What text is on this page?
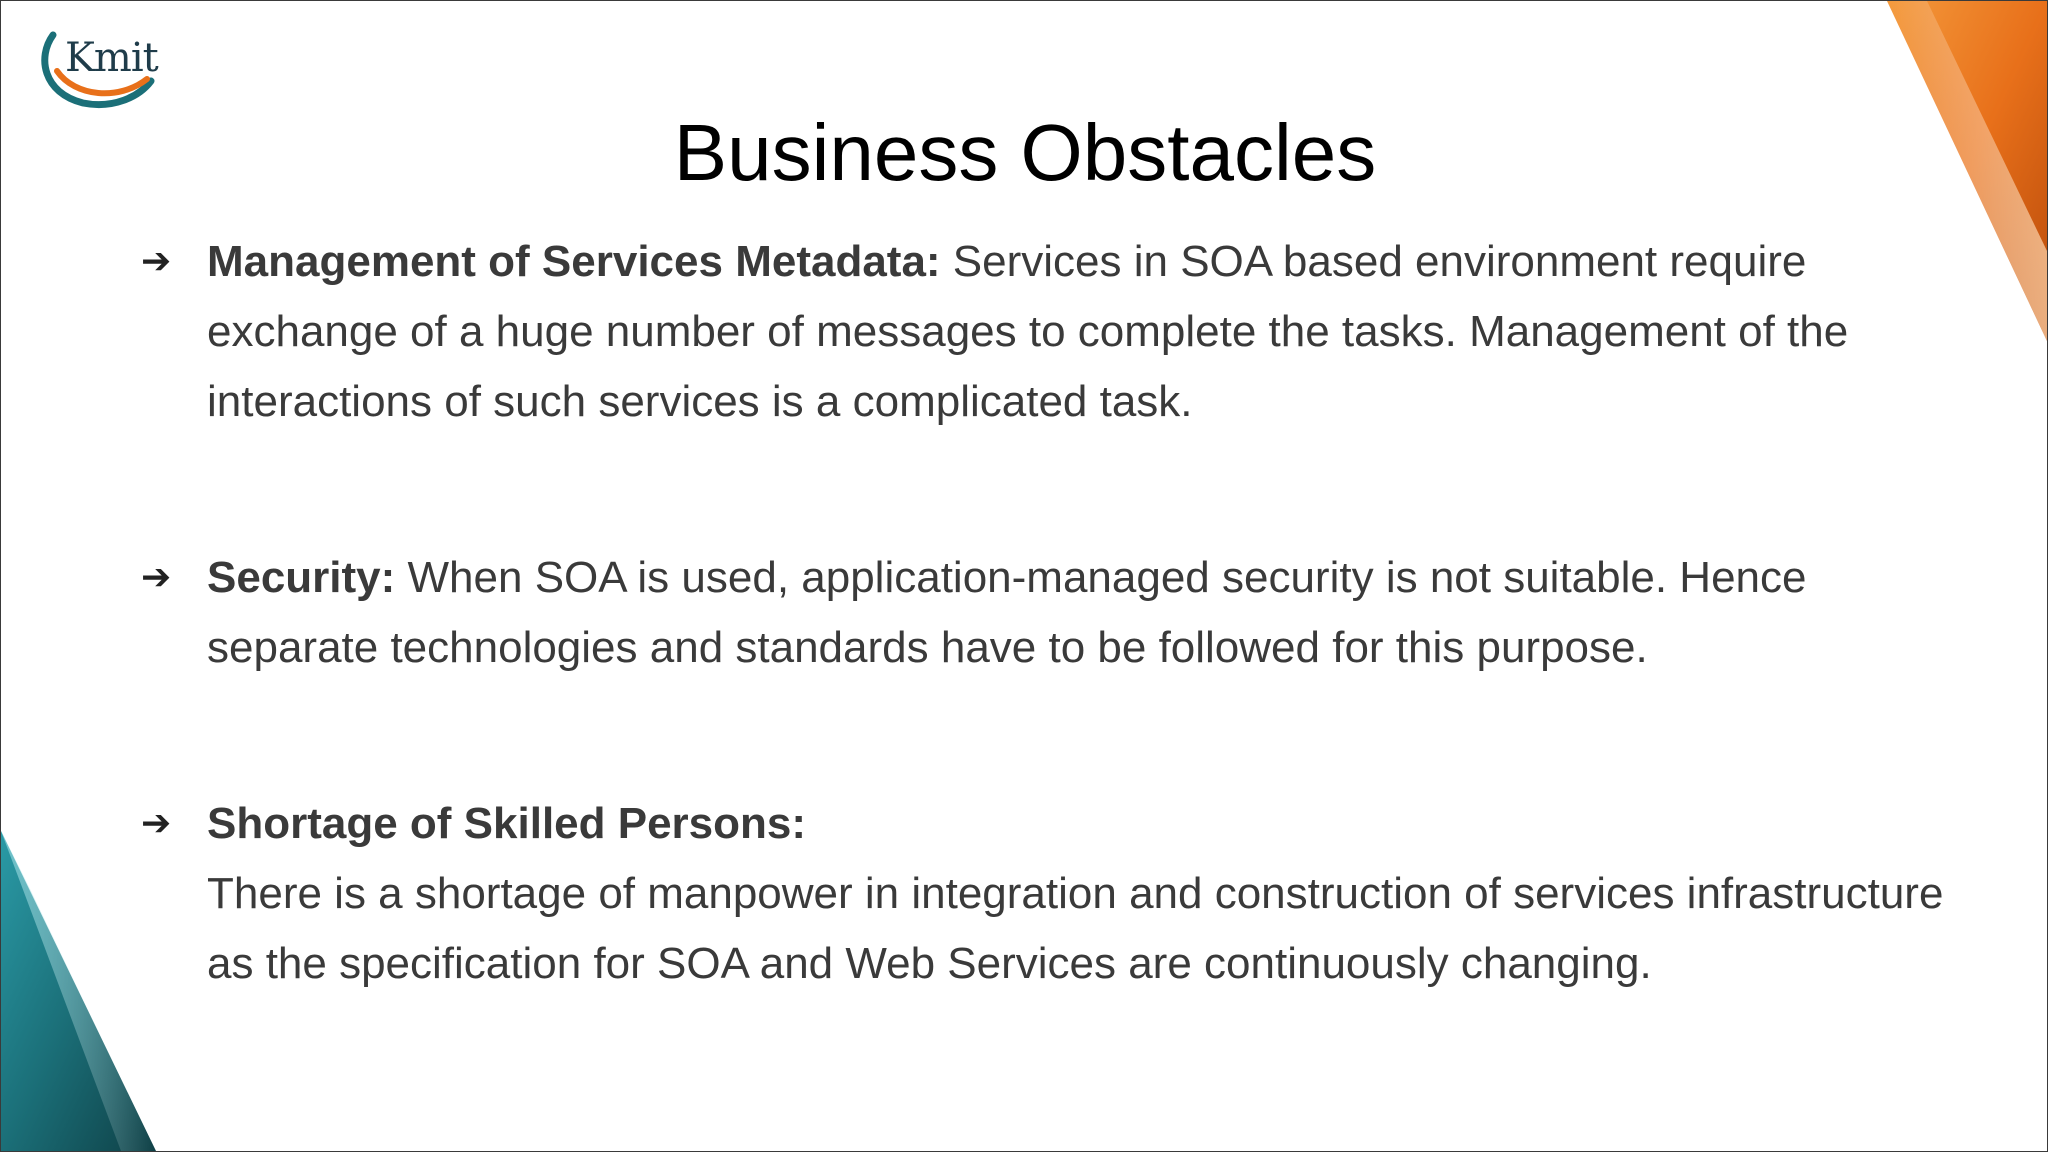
Kmit
Business Obstacles
➔ Management of Services Metadata: Services in SOA based environment require exchange of a huge number of messages to complete the tasks. Management of the interactions of such services is a complicated task.
➔ Security: When SOA is used, application-managed security is not suitable. Hence separate technologies and standards have to be followed for this purpose.
➔ Shortage of Skilled Persons:
There is a shortage of manpower in integration and construction of services infrastructure as the specification for SOA and Web Services are continuously changing.
